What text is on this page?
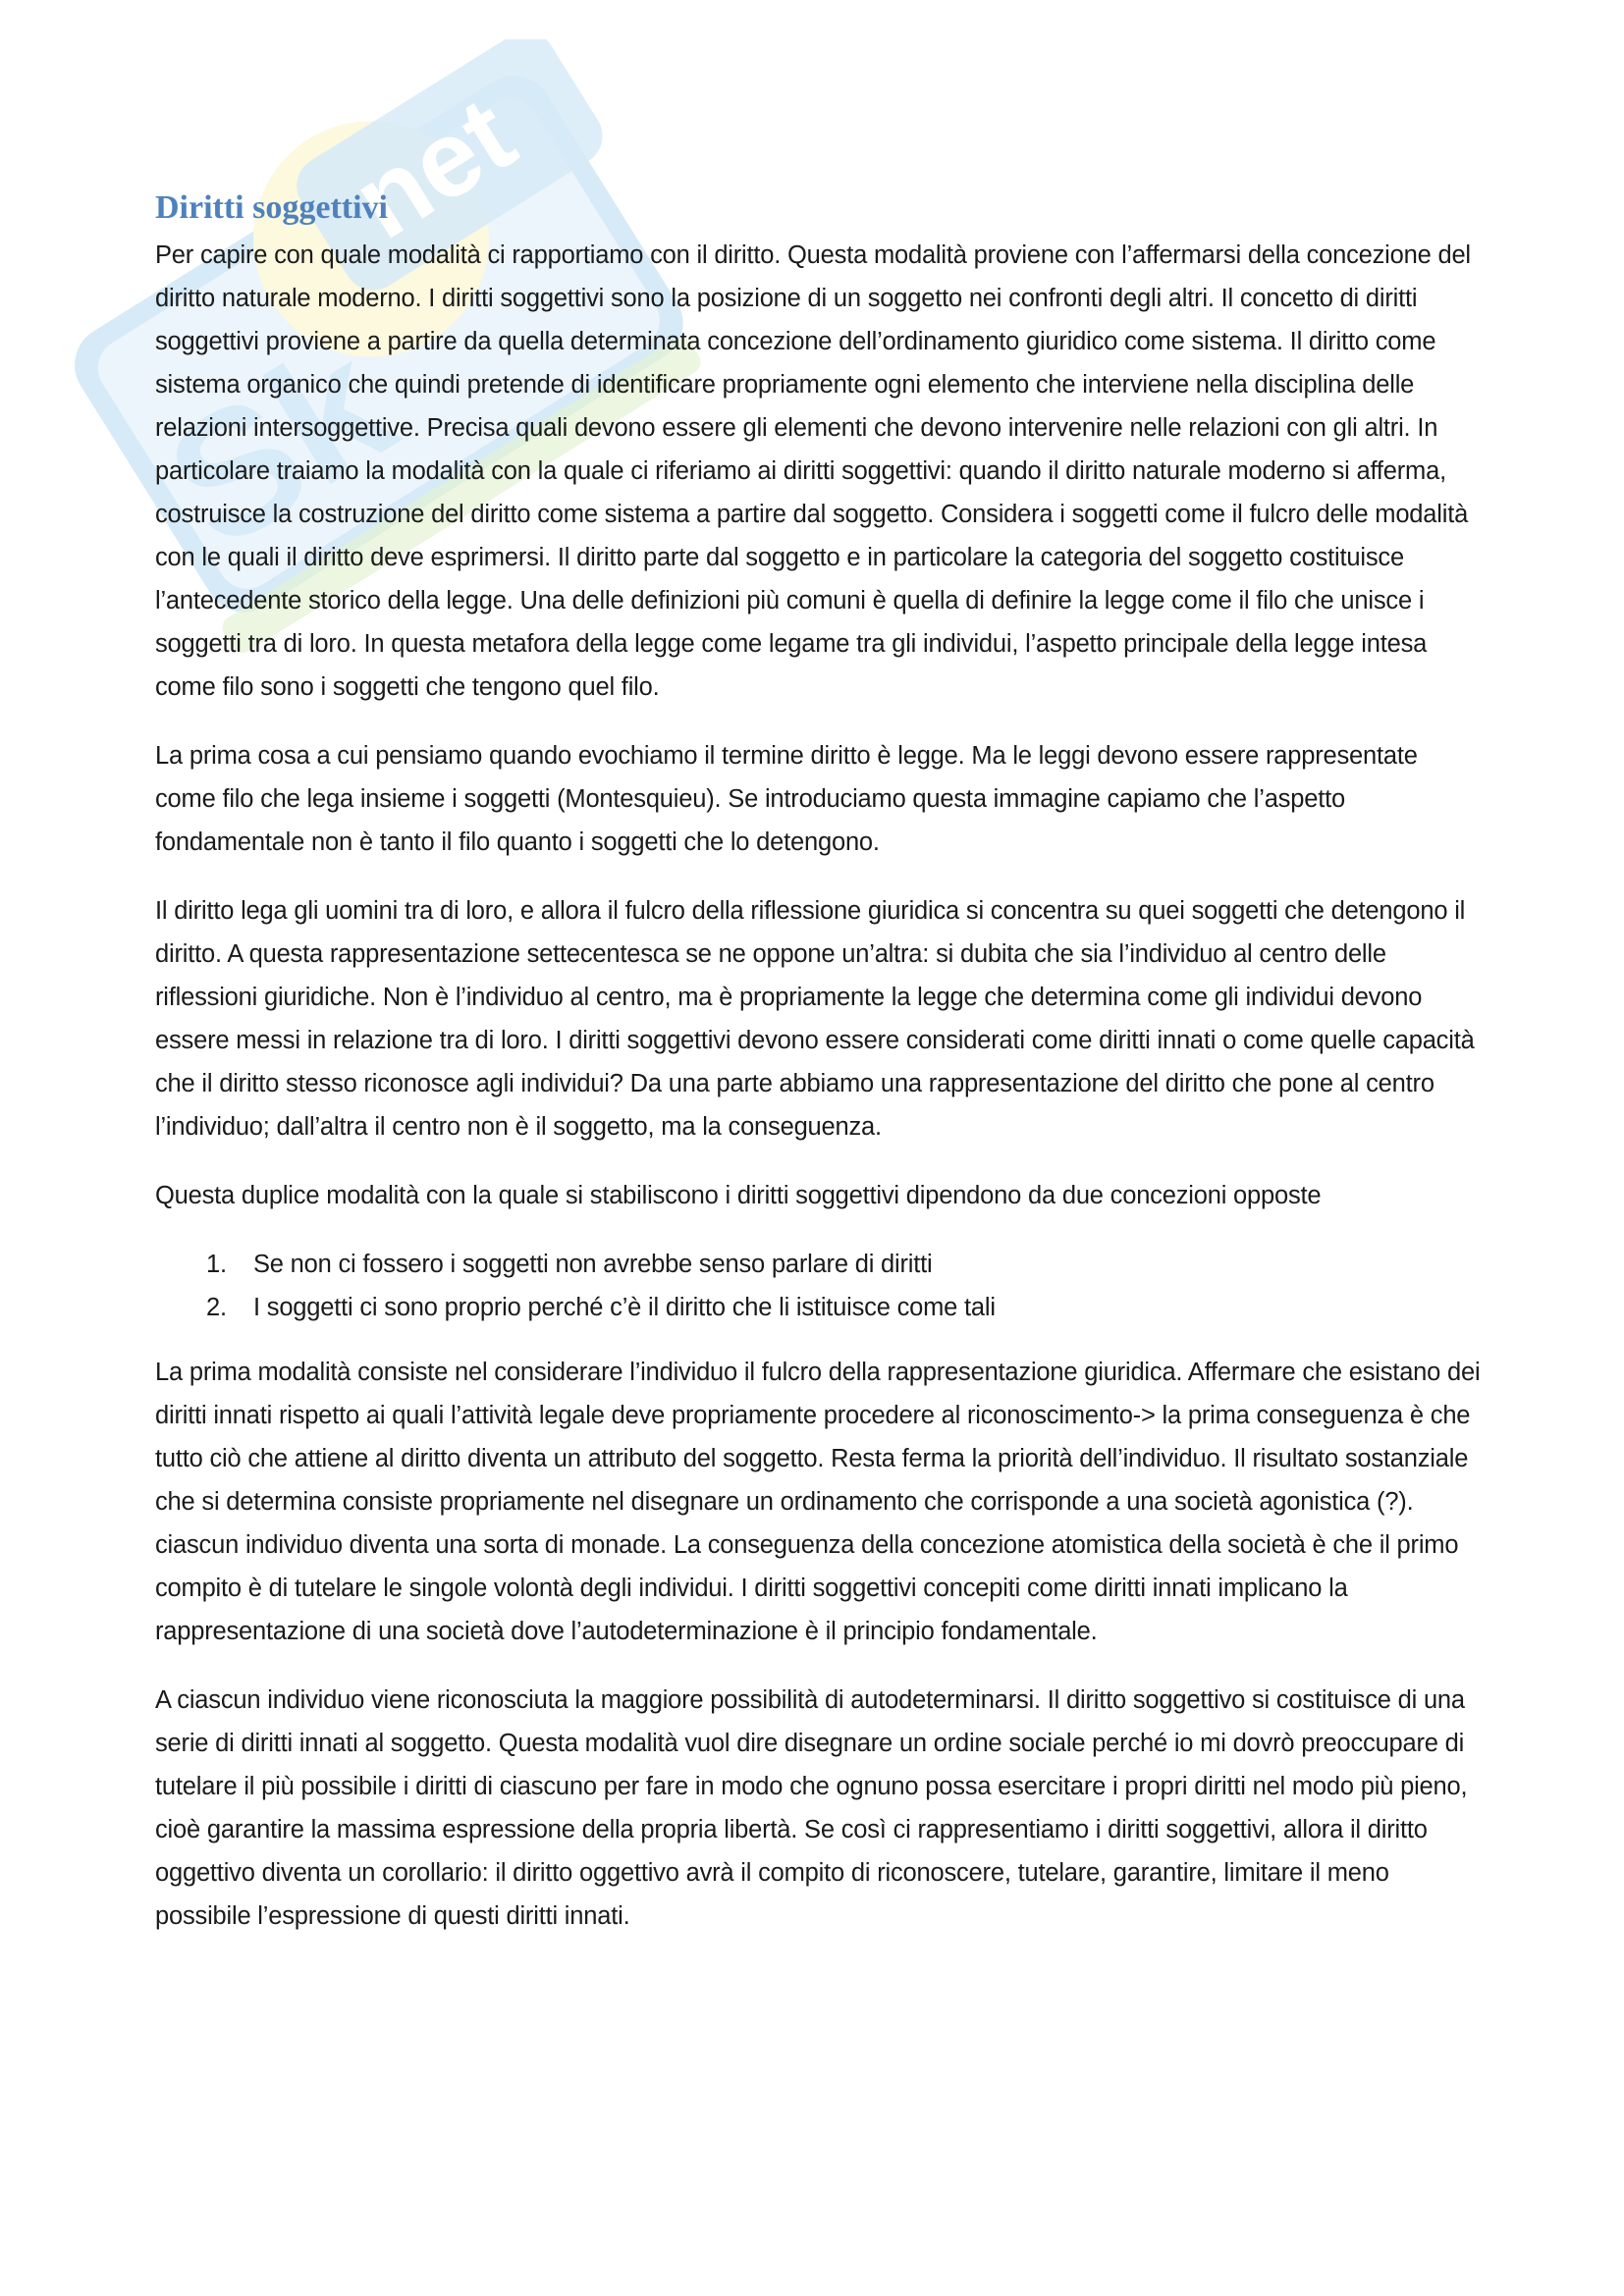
net
Sk
Diritti soggettivi

Per capire con quale modalità ci rapportiamo con il diritto. Questa modalità proviene con l’affermarsi della concezione del diritto naturale moderno. I diritti soggettivi sono la posizione di un soggetto nei confronti degli altri. Il concetto di diritti soggettivi proviene a partire da quella determinata concezione dell’ordinamento giuridico come sistema. Il diritto come sistema organico che quindi pretende di identificare propriamente ogni elemento che interviene nella disciplina delle relazioni intersoggettive. Precisa quali devono essere gli elementi che devono intervenire nelle relazioni con gli altri. In particolare traiamo la modalità con la quale ci riferiamo ai diritti soggettivi: quando il diritto naturale moderno si afferma, costruisce la costruzione del diritto come sistema a partire dal soggetto. Considera i soggetti come il fulcro delle modalità con le quali il diritto deve esprimersi. Il diritto parte dal soggetto e in particolare la categoria del soggetto costituisce l’antecedente storico della legge. Una delle definizioni più comuni è quella di definire la legge come il filo che unisce i soggetti tra di loro. In questa metafora della legge come legame tra gli individui, l’aspetto principale della legge intesa come filo sono i soggetti che tengono quel filo.

La prima cosa a cui pensiamo quando evochiamo il termine diritto è legge. Ma le leggi devono essere rappresentate come filo che lega insieme i soggetti (Montesquieu). Se introduciamo questa immagine capiamo che l’aspetto fondamentale non è tanto il filo quanto i soggetti che lo detengono.

Il diritto lega gli uomini tra di loro, e allora il fulcro della riflessione giuridica si concentra su quei soggetti che detengono il diritto. A questa rappresentazione settecentesca se ne oppone un’altra: si dubita che sia l’individuo al centro delle riflessioni giuridiche. Non è l’individuo al centro, ma è propriamente la legge che determina come gli individui devono essere messi in relazione tra di loro. I diritti soggettivi devono essere considerati come diritti innati o come quelle capacità che il diritto stesso riconosce agli individui? Da una parte abbiamo una rappresentazione del diritto che pone al centro l’individuo; dall’altra il centro non è il soggetto, ma la conseguenza.

Questa duplice modalità con la quale si stabiliscono i diritti soggettivi dipendono da due concezioni opposte

1. Se non ci fossero i soggetti non avrebbe senso parlare di diritti
2. I soggetti ci sono proprio perché c’è il diritto che li istituisce come tali

La prima modalità consiste nel considerare l’individuo il fulcro della rappresentazione giuridica. Affermare che esistano dei diritti innati rispetto ai quali l’attività legale deve propriamente procedere al riconoscimento-> la prima conseguenza è che tutto ciò che attiene al diritto diventa un attributo del soggetto. Resta ferma la priorità dell’individuo. Il risultato sostanziale che si determina consiste propriamente nel disegnare un ordinamento che corrisponde a una società agonistica (?). ciascun individuo diventa una sorta di monade. La conseguenza della concezione atomistica della società è che il primo compito è di tutelare le singole volontà degli individui. I diritti soggettivi concepiti come diritti innati implicano la rappresentazione di una società dove l’autodeterminazione è il principio fondamentale.

A ciascun individuo viene riconosciuta la maggiore possibilità di autodeterminarsi. Il diritto soggettivo si costituisce di una serie di diritti innati al soggetto. Questa modalità vuol dire disegnare un ordine sociale perché io mi dovrò preoccupare di tutelare il più possibile i diritti di ciascuno per fare in modo che ognuno possa esercitare i propri diritti nel modo più pieno, cioè garantire la massima espressione della propria libertà. Se così ci rappresentiamo i diritti soggettivi, allora il diritto oggettivo diventa un corollario: il diritto oggettivo avrà il compito di riconoscere, tutelare, garantire, limitare il meno possibile l’espressione di questi diritti innati.
